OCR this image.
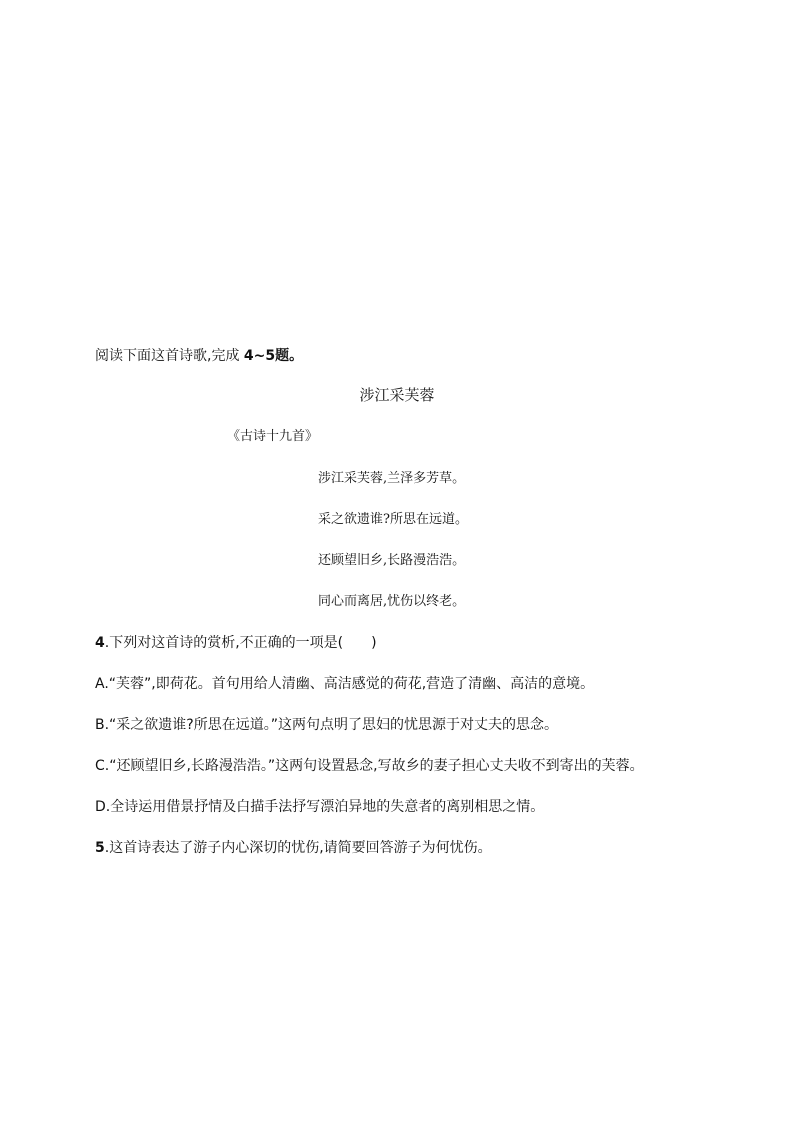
阅读下面这首诗歌,完成 4~5题。
涉江采芙蓉
《古诗十九首》
涉江采芙蓉,兰泽多芳草。
采之欲遗谁?所思在远道。
还顾望旧乡,长路漫浩浩。
同心而离居,忧伤以终老。
4.下列对这首诗的赏析,不正确的一项是(　　)
A.“芙蓉”,即荷花。首句用给人清幽、高洁感觉的荷花,营造了清幽、高洁的意境。
B.“采之欲遗谁?所思在远道。”这两句点明了思妇的忧思源于对丈夫的思念。
C.“还顾望旧乡,长路漫浩浩。”这两句设置悬念,写故乡的妻子担心丈夫收不到寄出的芙蓉。
D.全诗运用借景抒情及白描手法抒写漂泊异地的失意者的离别相思之情。
5.这首诗表达了游子内心深切的忧伤,请简要回答游子为何忧伤。
